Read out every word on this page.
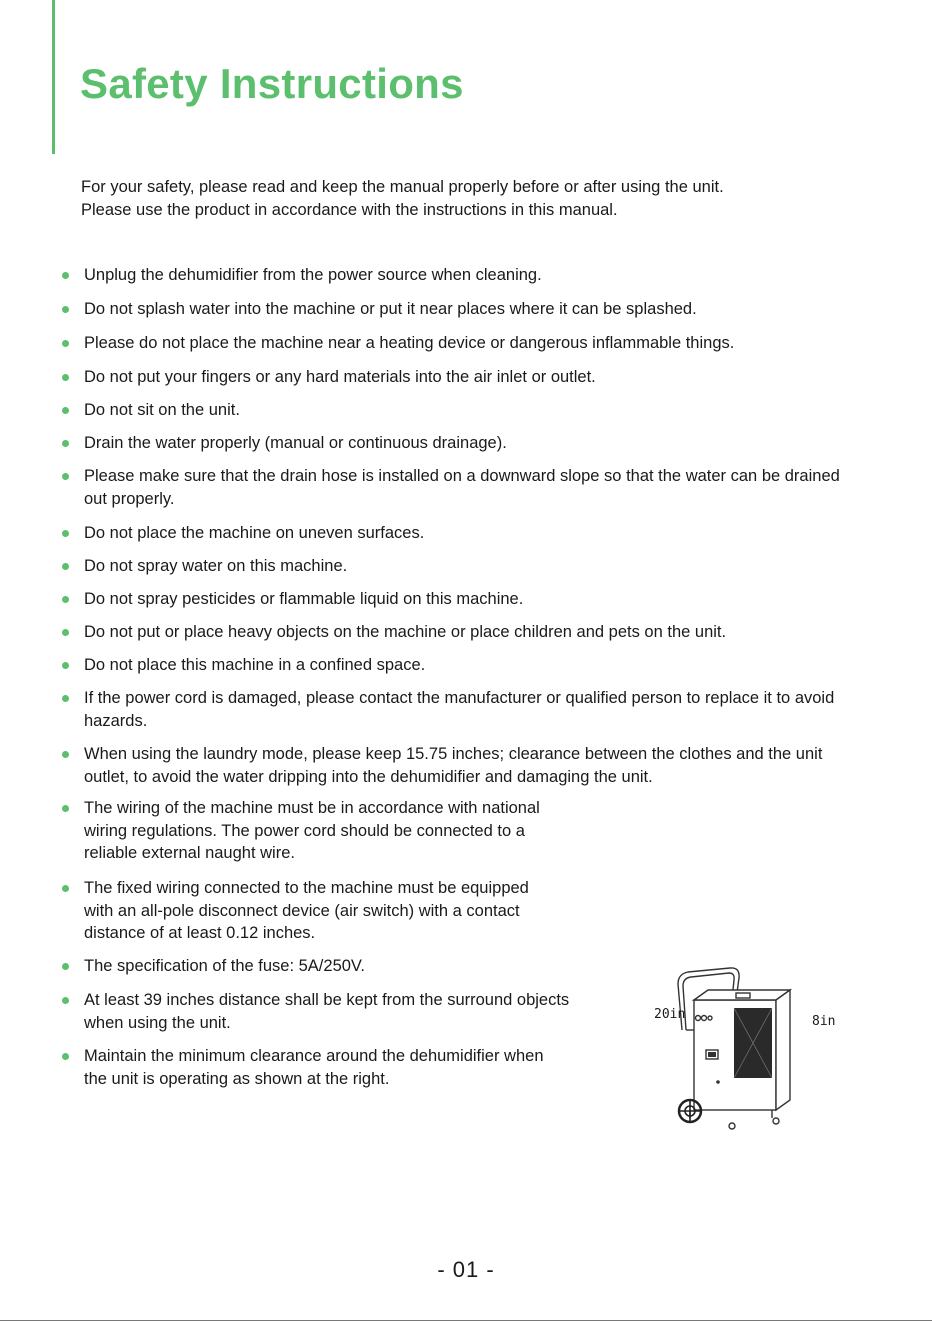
Safety Instructions

For your safety, please read and keep the manual properly before or after using the unit.

Please use the product in accordance with the instructions in this manual.

Unplug the dehumidifier from the power source when cleaning.
Do not splash water into the machine or put it near places where it can be splashed.
Please do not place the machine near a heating device or dangerous inflammable things.
Do not put your fingers or any hard materials into the air inlet or outlet.
Do not sit on the unit.
Drain the water properly (manual or continuous drainage).
Please make sure that the drain hose is installed on a downward slope so that the water can be drained out properly.
Do not place the machine on uneven surfaces.
Do not spray water on this machine.
Do not spray pesticides or flammable liquid on this machine.
Do not put or place heavy objects on the machine or place children and pets on the unit.
Do not place this machine in a confined space.
If the power cord is damaged, please contact the manufacturer or qualified person to replace it to avoid hazards.
When using the laundry mode, please keep 15.75 inches; clearance between the clothes and the unit outlet, to avoid the water dripping into the dehumidifier and damaging the unit.
The wiring of the machine must be in accordance with national wiring regulations. The power cord should be connected to a reliable external naught wire.
The fixed wiring connected to the machine must be equipped with an all-pole disconnect device (air switch) with a contact distance of at least 0.12 inches.
The specification of the fuse: 5A/250V.
At least 39 inches distance shall be kept from the surround objects when using the unit.
Maintain the minimum clearance around the dehumidifier when the unit is operating as shown at the right.
20in	8in
- 01 -
